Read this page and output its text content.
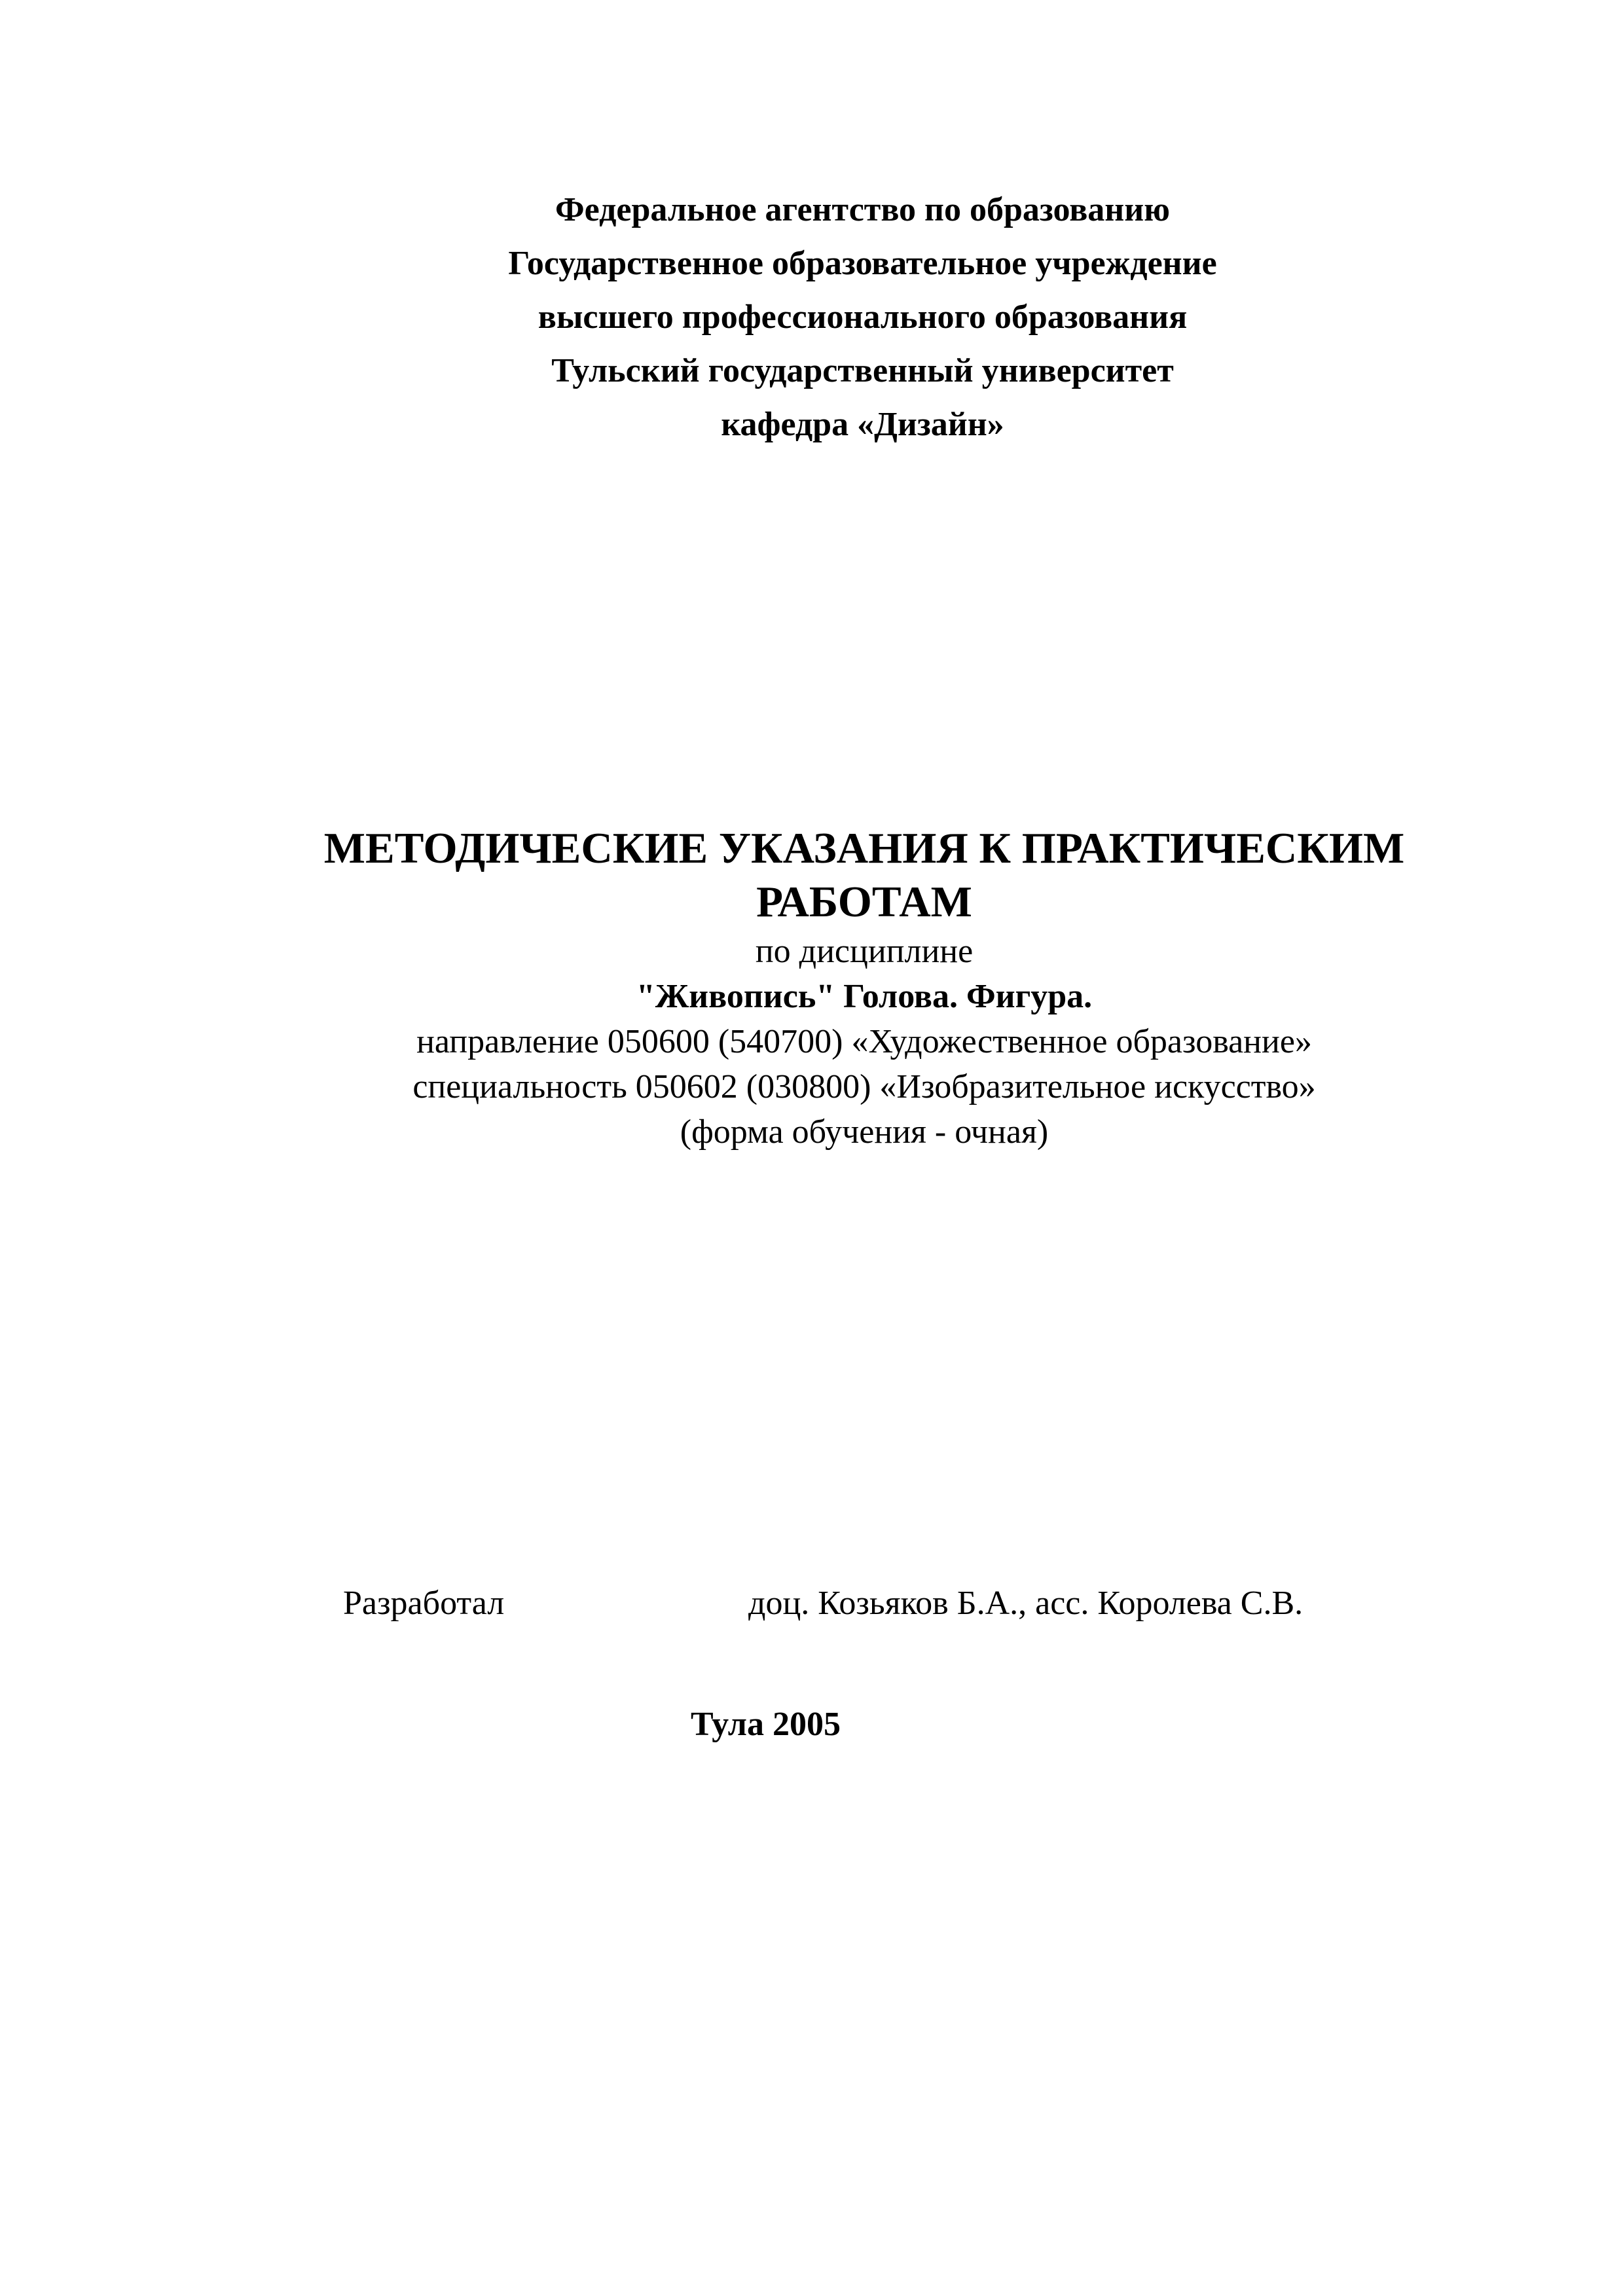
Федеральное агентство по образованию
Государственное образовательное учреждение
высшего профессионального образования
Тульский государственный университет
кафедра «Дизайн»
МЕТОДИЧЕСКИЕ УКАЗАНИЯ К ПРАКТИЧЕСКИМ
РАБОТАМ
по дисциплине
"Живопись" Голова. Фигура.
направление 050600 (540700) «Художественное образование»
специальность 050602 (030800) «Изобразительное искусство»
(форма обучения - очная)
Разработал	доц. Козьяков Б.А., асс. Королева С.В.
Тула 2005
